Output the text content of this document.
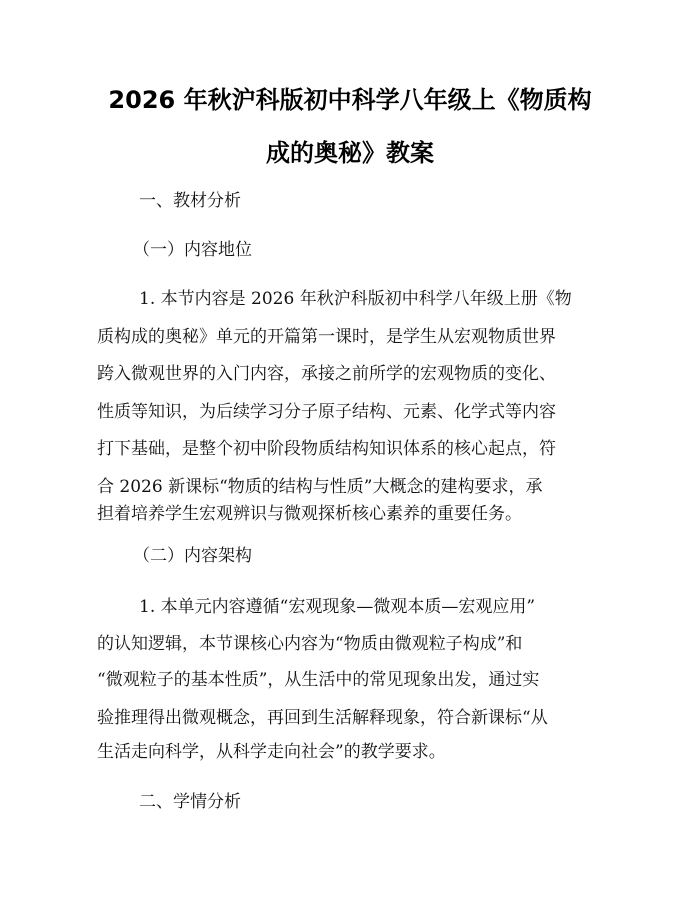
2026 年秋沪科版初中科学八年级上《物质构
成的奥秘》教案
一、教材分析
（一）内容地位
1. 本节内容是 2026 年秋沪科版初中科学八年级上册《物
质构成的奥秘》单元的开篇第一课时，是学生从宏观物质世界
跨入微观世界的入门内容，承接之前所学的宏观物质的变化、
性质等知识，为后续学习分子原子结构、元素、化学式等内容
打下基础，是整个初中阶段物质结构知识体系的核心起点，符
合 2026 新课标“物质的结构与性质”大概念的建构要求，承
担着培养学生宏观辨识与微观探析核心素养的重要任务。
（二）内容架构
1. 本单元内容遵循“宏观现象—微观本质—宏观应用”
的认知逻辑，本节课核心内容为“物质由微观粒子构成”和
“微观粒子的基本性质”，从生活中的常见现象出发，通过实
验推理得出微观概念，再回到生活解释现象，符合新课标“从
生活走向科学，从科学走向社会”的教学要求。
二、学情分析
